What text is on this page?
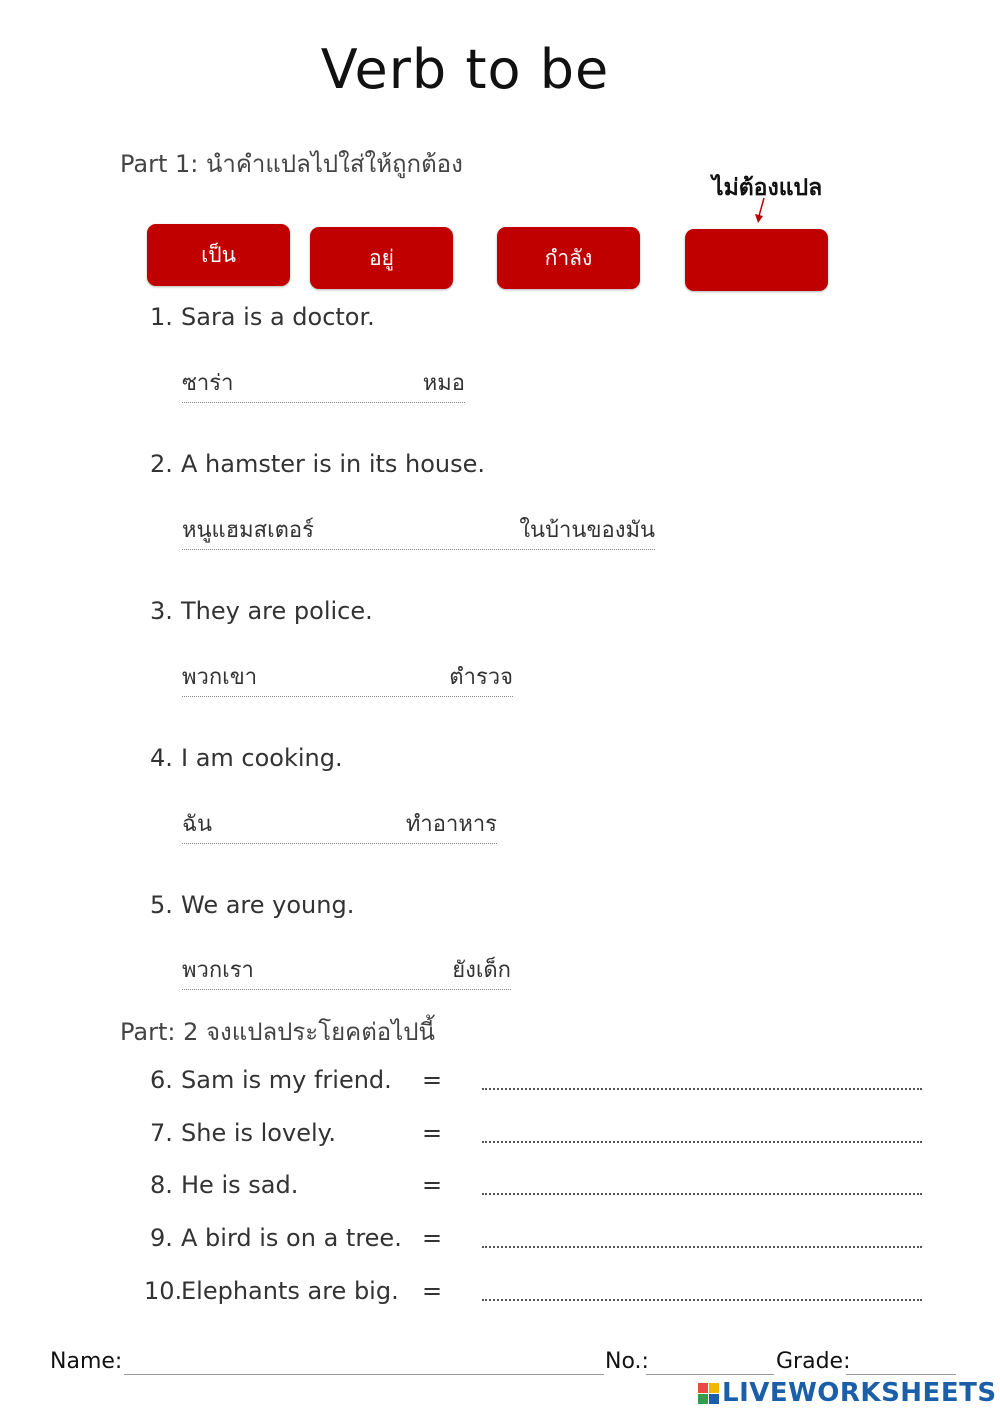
Verb to be
Part 1: นำคำแปลไปใส่ให้ถูกต้อง
ไม่ต้องแปล
เป็น	อยู่	กำลัง
1. Sara is a doctor.
ซาร่า	หมอ
2. A hamster is in its house.
หนูแฮมสเตอร์	ในบ้านของมัน
3. They are police.
พวกเขา	ตำรวจ
4. I am cooking.
ฉัน	ทำอาหาร
5. We are young.
พวกเรา	ยังเด็ก
Part: 2 จงแปลประโยคต่อไปนี้
6. Sam is my friend. =
7. She is lovely.	=
8. He is sad.	=
9. A bird is on a tree. =
10.Elephants are big. =
Name:	No.:	Grade:
LIVEWORKSHEETS
